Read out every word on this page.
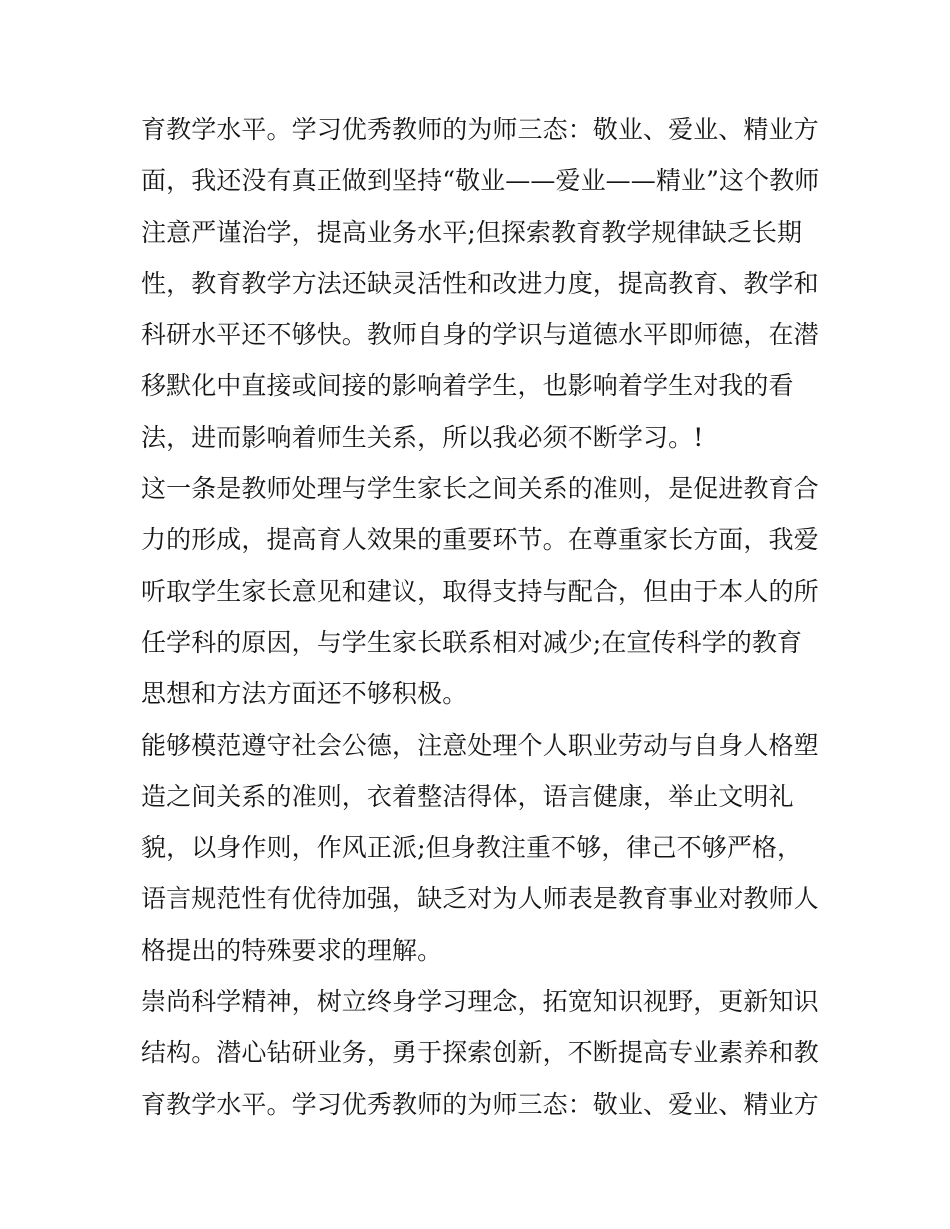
育教学水平。学习优秀教师的为师三态：敬业、爱业、精业方
面，我还没有真正做到坚持“敬业——爱业——精业”这个教师
注意严谨治学，提高业务水平;但探索教育教学规律缺乏长期
性，教育教学方法还缺灵活性和改进力度，提高教育、教学和
科研水平还不够快。教师自身的学识与道德水平即师德，在潜
移默化中直接或间接的影响着学生，也影响着学生对我的看
法，进而影响着师生关系，所以我必须不断学习。!
这一条是教师处理与学生家长之间关系的准则，是促进教育合
力的形成，提高育人效果的重要环节。在尊重家长方面，我爱
听取学生家长意见和建议，取得支持与配合，但由于本人的所
任学科的原因，与学生家长联系相对减少;在宣传科学的教育
思想和方法方面还不够积极。
能够模范遵守社会公德，注意处理个人职业劳动与自身人格塑
造之间关系的准则，衣着整洁得体，语言健康，举止文明礼
貌，以身作则，作风正派;但身教注重不够，律己不够严格，
语言规范性有优待加强，缺乏对为人师表是教育事业对教师人
格提出的特殊要求的理解。
崇尚科学精神，树立终身学习理念，拓宽知识视野，更新知识
结构。潜心钻研业务，勇于探索创新，不断提高专业素养和教
育教学水平。学习优秀教师的为师三态：敬业、爱业、精业方
